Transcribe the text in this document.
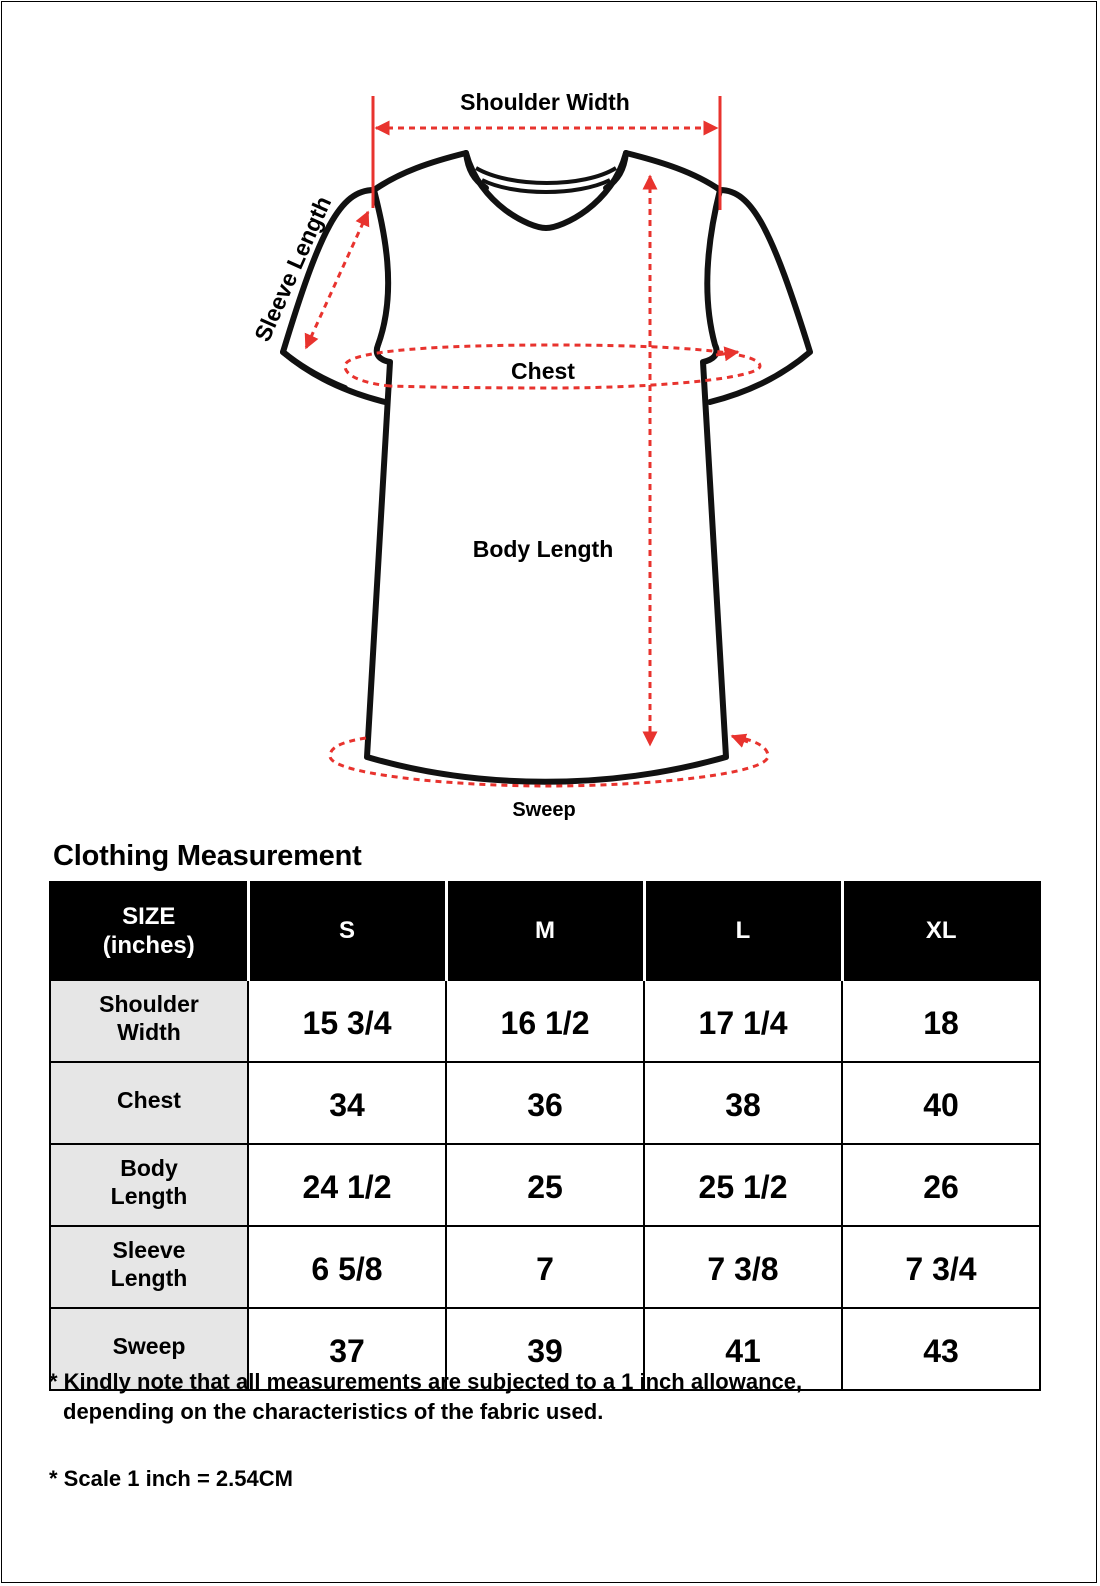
Shoulder Width
Sleeve Length
Chest
Body Length
Sweep
Clothing Measurement
SIZE
(inches)	S	M	L	XL

Shoulder
Width	15 3/4	16 1/2	17 1/4	18

Chest	34	36	38	40

Body
Length	24 1/2	25	25 1/2	26

Sleeve
Length	6 5/8	7	7 3/8	7 3/4

Sweep	37	39	41	43
* Kindly note that all measurements are subjected to a 1 inch allowance,
depending on the characteristics of the fabric used.
* Scale 1 inch = 2.54CM
